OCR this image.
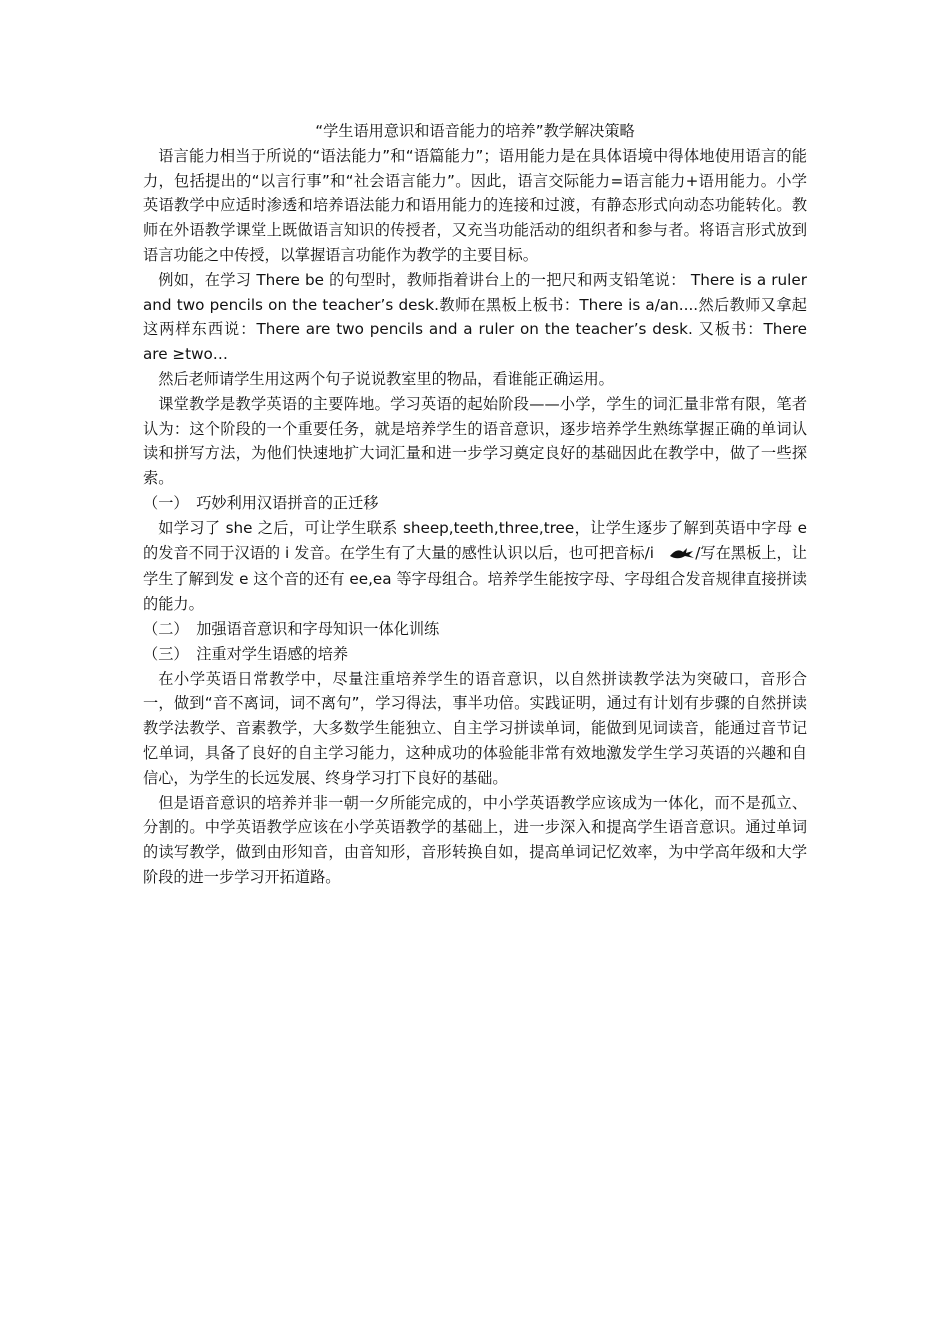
“学生语用意识和语音能力的培养”教学解决策略

语言能力相当于所说的“语法能力”和“语篇能力”；语用能力是在具体语境中得体地使用语言的能力，包括提出的“以言行事”和“社会语言能力”。因此，语言交际能力=语言能力+语用能力。小学英语教学中应适时渗透和培养语法能力和语用能力的连接和过渡，有静态形式向动态功能转化。教师在外语教学课堂上既做语言知识的传授者，又充当功能活动的组织者和参与者。将语言形式放到语言功能之中传授，以掌握语言功能作为教学的主要目标。

例如，在学习 There be 的句型时，教师指着讲台上的一把尺和两支铅笔说： There is a ruler and two pencils on the teacher’s desk.教师在黑板上板书：There is a/an....然后教师又拿起这两样东西说：There are two pencils and a ruler on the teacher’s desk. 又板书：There are ≥two…

然后老师请学生用这两个句子说说教室里的物品，看谁能正确运用。

课堂教学是教学英语的主要阵地。学习英语的起始阶段——小学，学生的词汇量非常有限，笔者认为：这个阶段的一个重要任务，就是培养学生的语音意识，逐步培养学生熟练掌握正确的单词认读和拼写方法，为他们快速地扩大词汇量和进一步学习奠定良好的基础因此在教学中，做了一些探索。

（一） 巧妙利用汉语拼音的正迁移

如学习了 she 之后，可让学生联系 sheep,teeth,three,tree，让学生逐步了解到英语中字母 e 的发音不同于汉语的 i 发音。在学生有了大量的感性认识以后，也可把音标/i	/写在黑板上，让学生了解到发 e 这个音的还有 ee,ea 等字母组合。培养学生能按字母、字母组合发音规律直接拼读的能力。

（二） 加强语音意识和字母知识一体化训练

（三） 注重对学生语感的培养

在小学英语日常教学中，尽量注重培养学生的语音意识，以自然拼读教学法为突破口，音形合一，做到“音不离词，词不离句”，学习得法，事半功倍。实践证明，通过有计划有步骤的自然拼读教学法教学、音素教学，大多数学生能独立、自主学习拼读单词，能做到见词读音，能通过音节记忆单词，具备了良好的自主学习能力，这种成功的体验能非常有效地激发学生学习英语的兴趣和自信心，为学生的长远发展、终身学习打下良好的基础。

但是语音意识的培养并非一朝一夕所能完成的，中小学英语教学应该成为一体化，而不是孤立、分割的。中学英语教学应该在小学英语教学的基础上，进一步深入和提高学生语音意识。通过单词的读写教学，做到由形知音，由音知形，音形转换自如，提高单词记忆效率，为中学高年级和大学阶段的进一步学习开拓道路。
